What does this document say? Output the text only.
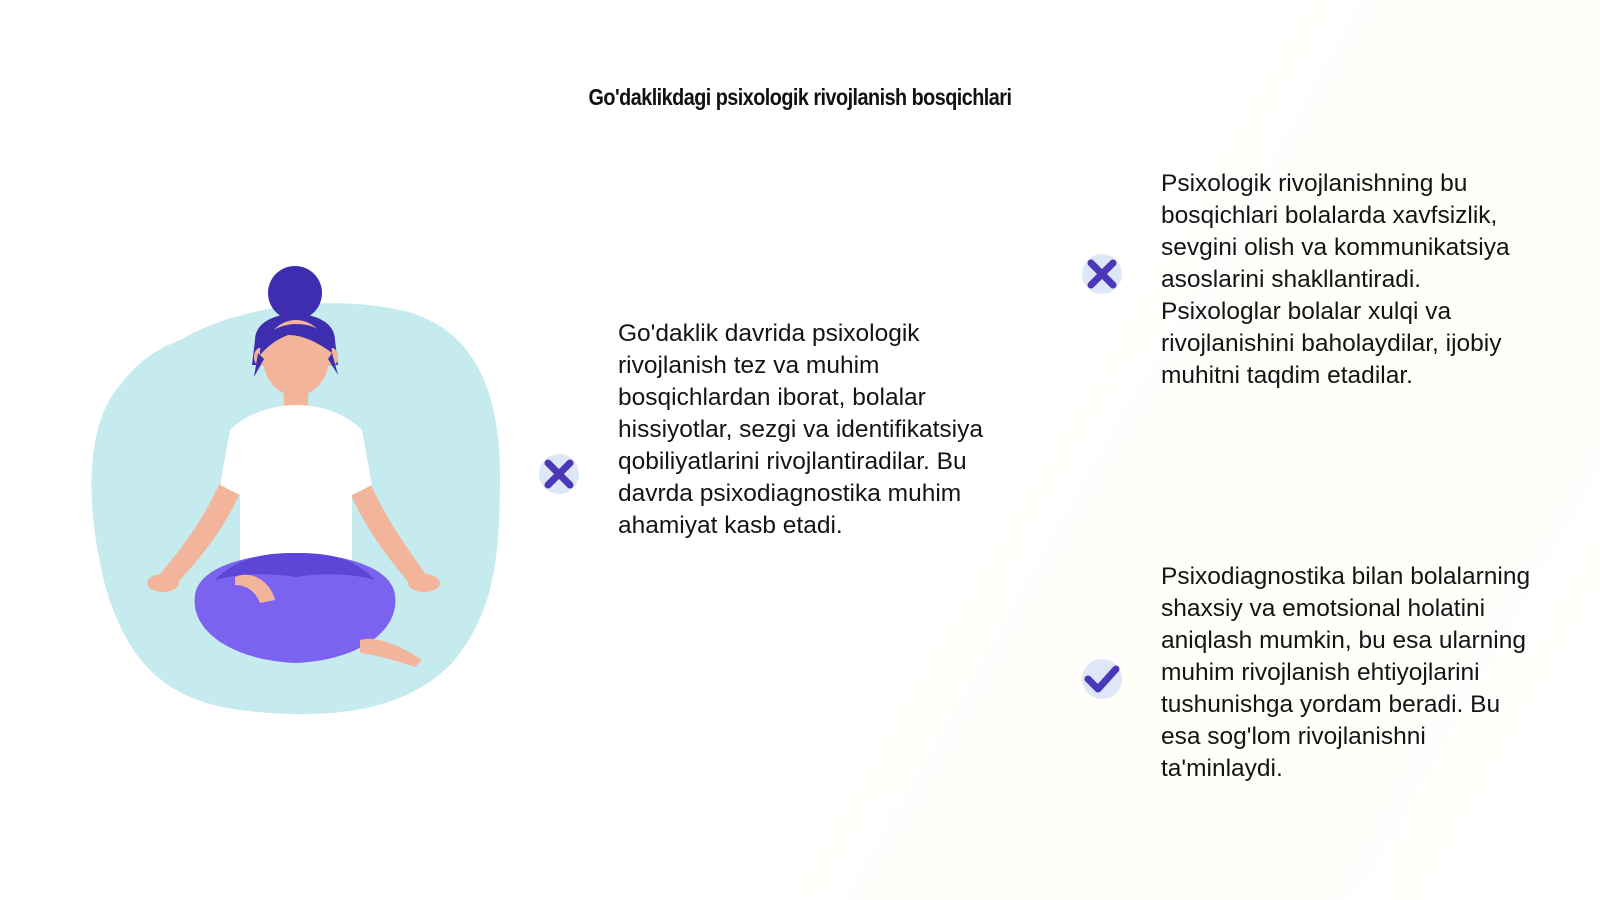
Go'daklikdagi psixologik rivojlanish bosqichlari
Go'daklik davrida psixologik
rivojlanish tez va muhim
bosqichlardan iborat, bolalar
hissiyotlar, sezgi va identifikatsiya
qobiliyatlarini rivojlantiradilar. Bu
davrda psixodiagnostika muhim
ahamiyat kasb etadi.
Psixologik rivojlanishning bu
bosqichlari bolalarda xavfsizlik,
sevgini olish va kommunikatsiya
asoslarini shakllantiradi.
Psixologlar bolalar xulqi va
rivojlanishini baholaydilar, ijobiy
muhitni taqdim etadilar.
Psixodiagnostika bilan bolalarning
shaxsiy va emotsional holatini
aniqlash mumkin, bu esa ularning
muhim rivojlanish ehtiyojlarini
tushunishga yordam beradi. Bu
esa sog'lom rivojlanishni
ta'minlaydi.
